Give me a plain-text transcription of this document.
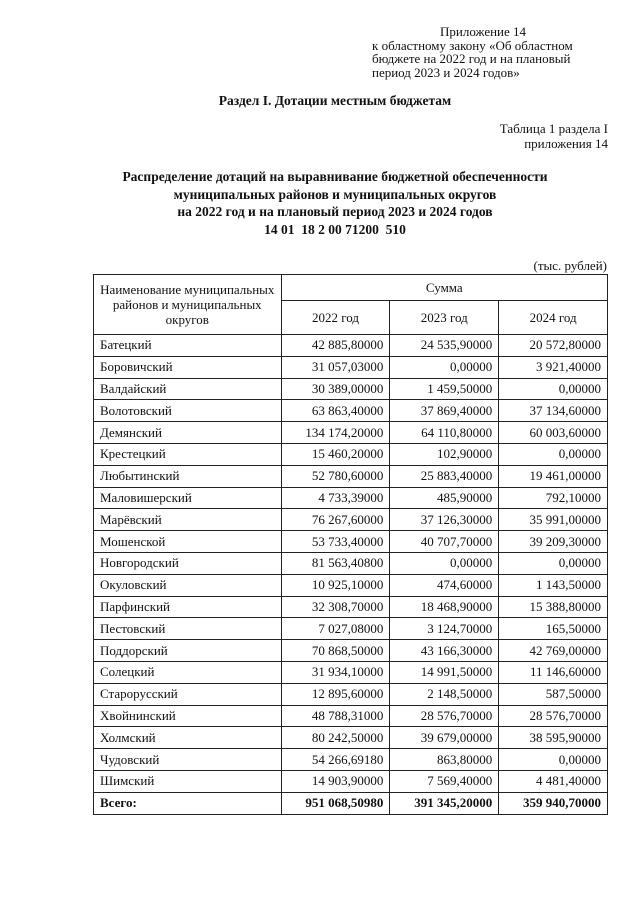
Приложение 14
к областному закону «Об областном
бюджете на 2022 год и на плановый
период 2023 и 2024 годов»
Раздел I. Дотации местным бюджетам
Таблица 1 раздела I
приложения 14
Распределение дотаций на выравнивание бюджетной обеспеченности
муниципальных районов и муниципальных округов
на 2022 год и на плановый период 2023 и 2024 годов
14 01  18 2 00 71200  510
(тыс. рублей)
Наименование муниципальных районов и муниципальных округов	Сумма		
	2022 год	2023 год	2024 год
Батецкий	42 885,80000	24 535,90000	20 572,80000
Боровичский	31 057,03000	0,00000	3 921,40000
Валдайский	30 389,00000	1 459,50000	0,00000
Волотовский	63 863,40000	37 869,40000	37 134,60000
Демянский	134 174,20000	64 110,80000	60 003,60000
Крестецкий	15 460,20000	102,90000	0,00000
Любытинский	52 780,60000	25 883,40000	19 461,00000
Маловишерский	4 733,39000	485,90000	792,10000
Марёвский	76 267,60000	37 126,30000	35 991,00000
Мошенской	53 733,40000	40 707,70000	39 209,30000
Новгородский	81 563,40800	0,00000	0,00000
Окуловский	10 925,10000	474,60000	1 143,50000
Парфинский	32 308,70000	18 468,90000	15 388,80000
Пестовский	7 027,08000	3 124,70000	165,50000
Поддорский	70 868,50000	43 166,30000	42 769,00000
Солецкий	31 934,10000	14 991,50000	11 146,60000
Старорусский	12 895,60000	2 148,50000	587,50000
Хвойнинский	48 788,31000	28 576,70000	28 576,70000
Холмский	80 242,50000	39 679,00000	38 595,90000
Чудовский	54 266,69180	863,80000	0,00000
Шимский	14 903,90000	7 569,40000	4 481,40000
Всего:	951 068,50980	391 345,20000	359 940,70000
